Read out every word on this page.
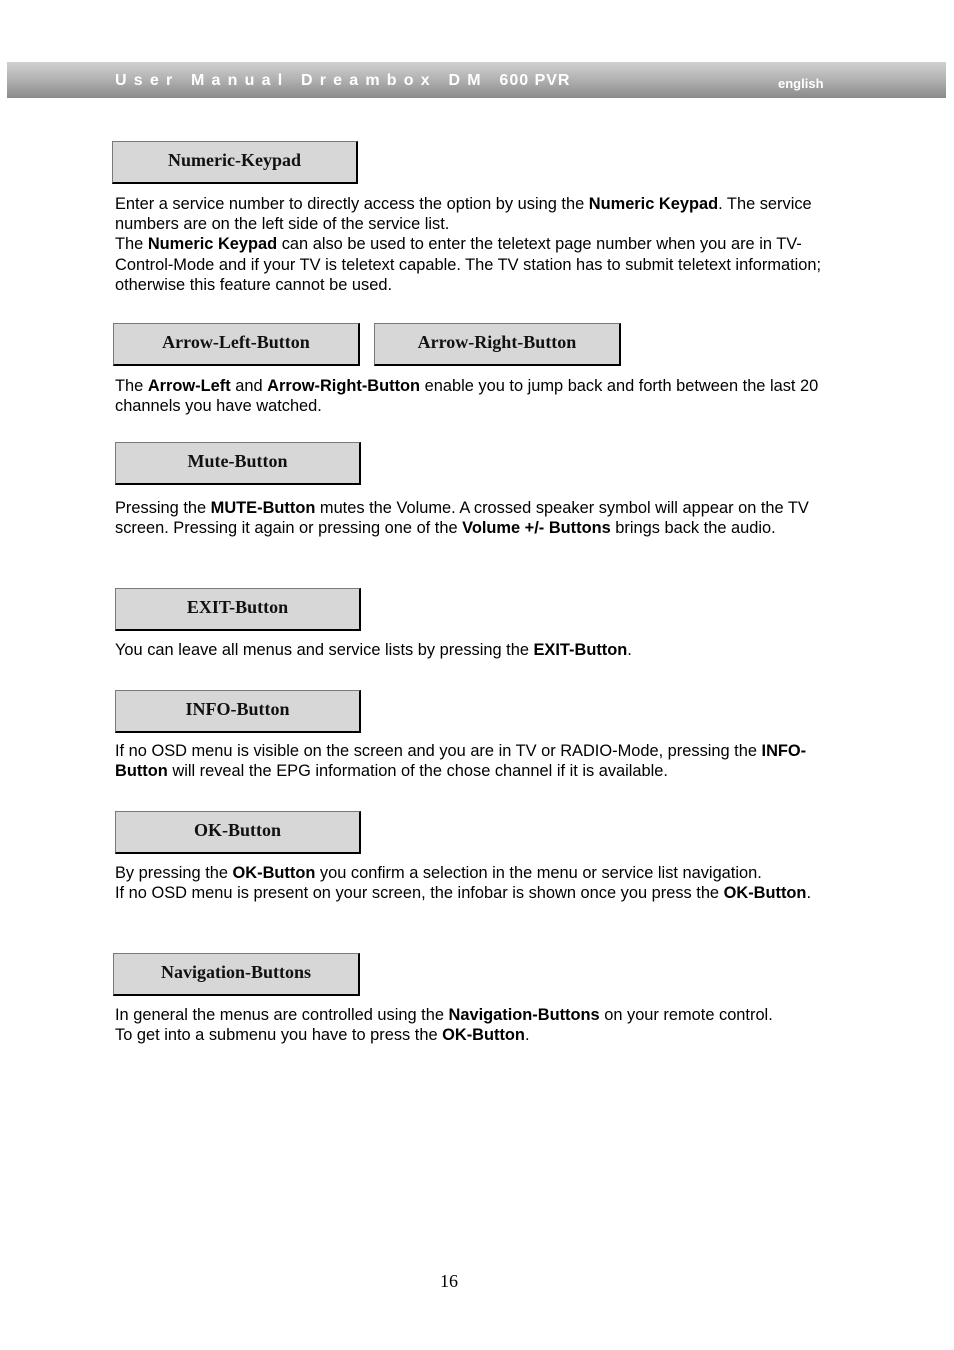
User Manual Dreambox DM 600 PVR	english
Numeric-Keypad

Enter a service number to directly access the option by using the Numeric Keypad. The service numbers are on the left side of the service list.
The Numeric Keypad can also be used to enter the teletext page number when you are in TV-Control-Mode and if your TV is teletext capable. The TV station has to submit teletext information; otherwise this feature cannot be used.

Arrow-Left-Button	Arrow-Right-Button

The Arrow-Left and Arrow-Right-Button enable you to jump back and forth between the last 20 channels you have watched.

Mute-Button

Pressing the MUTE-Button mutes the Volume. A crossed speaker symbol will appear on the TV screen. Pressing it again or pressing one of the Volume +/- Buttons brings back the audio.

EXIT-Button

You can leave all menus and service lists by pressing the EXIT-Button.

INFO-Button

If no OSD menu is visible on the screen and you are in TV or RADIO-Mode, pressing the INFO-Button will reveal the EPG information of the chose channel if it is available.

OK-Button

By pressing the OK-Button you confirm a selection in the menu or service list navigation.
If no OSD menu is present on your screen, the infobar is shown once you press the OK-Button.

Navigation-Buttons

In general the menus are controlled using the Navigation-Buttons on your remote control.
To get into a submenu you have to press the OK-Button.

16
